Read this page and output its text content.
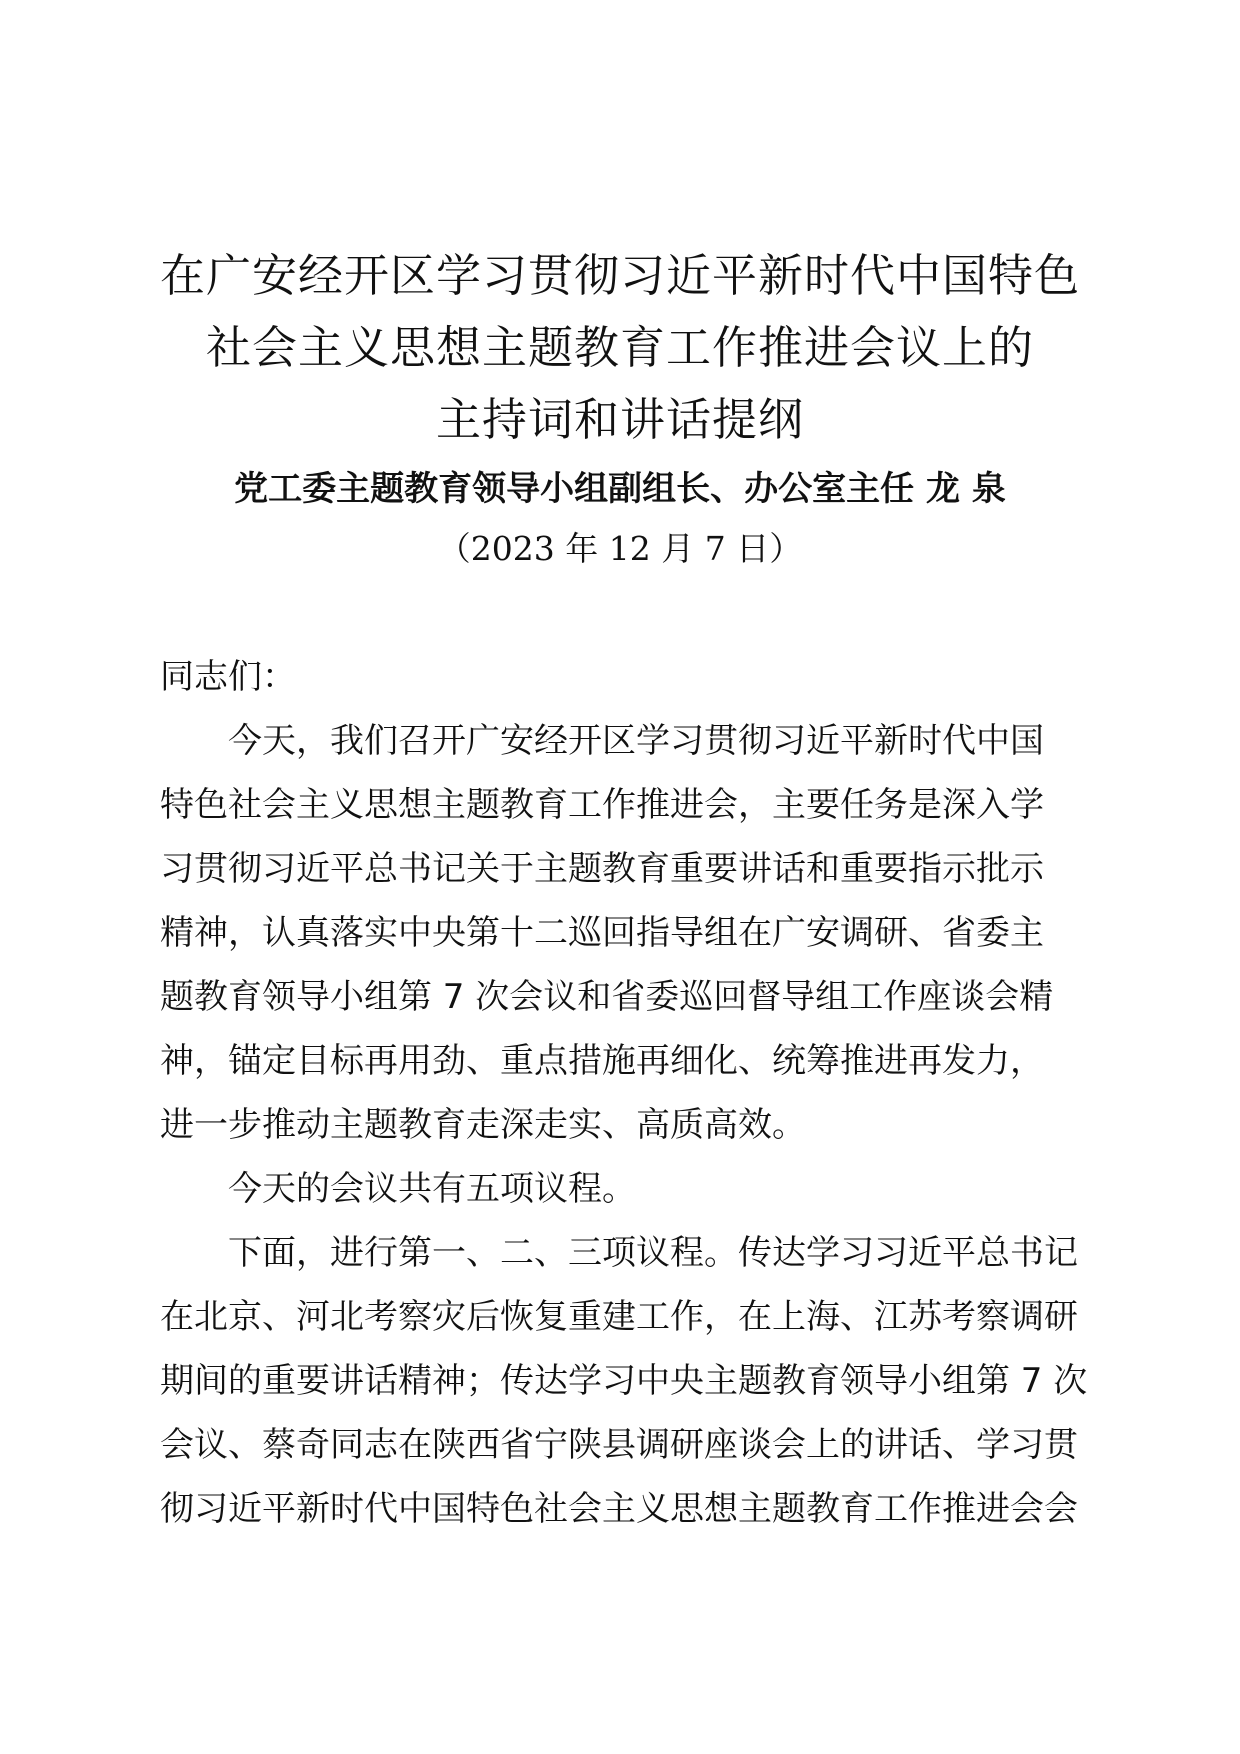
在广安经开区学习贯彻习近平新时代中国特色
社会主义思想主题教育工作推进会议上的
主持词和讲话提纲
党工委主题教育领导小组副组长、办公室主任 龙 泉
（2023 年 12 月 7 日）
同志们：
今天，我们召开广安经开区学习贯彻习近平新时代中国
特色社会主义思想主题教育工作推进会，主要任务是深入学
习贯彻习近平总书记关于主题教育重要讲话和重要指示批示
精神，认真落实中央第十二巡回指导组在广安调研、省委主
题教育领导小组第 7 次会议和省委巡回督导组工作座谈会精
神，锚定目标再用劲、重点措施再细化、统筹推进再发力，
进一步推动主题教育走深走实、高质高效。
今天的会议共有五项议程。
下面，进行第一、二、三项议程。传达学习习近平总书记
在北京、河北考察灾后恢复重建工作，在上海、江苏考察调研
期间的重要讲话精神；传达学习中央主题教育领导小组第 7 次
会议、蔡奇同志在陕西省宁陕县调研座谈会上的讲话、学习贯
彻习近平新时代中国特色社会主义思想主题教育工作推进会会
